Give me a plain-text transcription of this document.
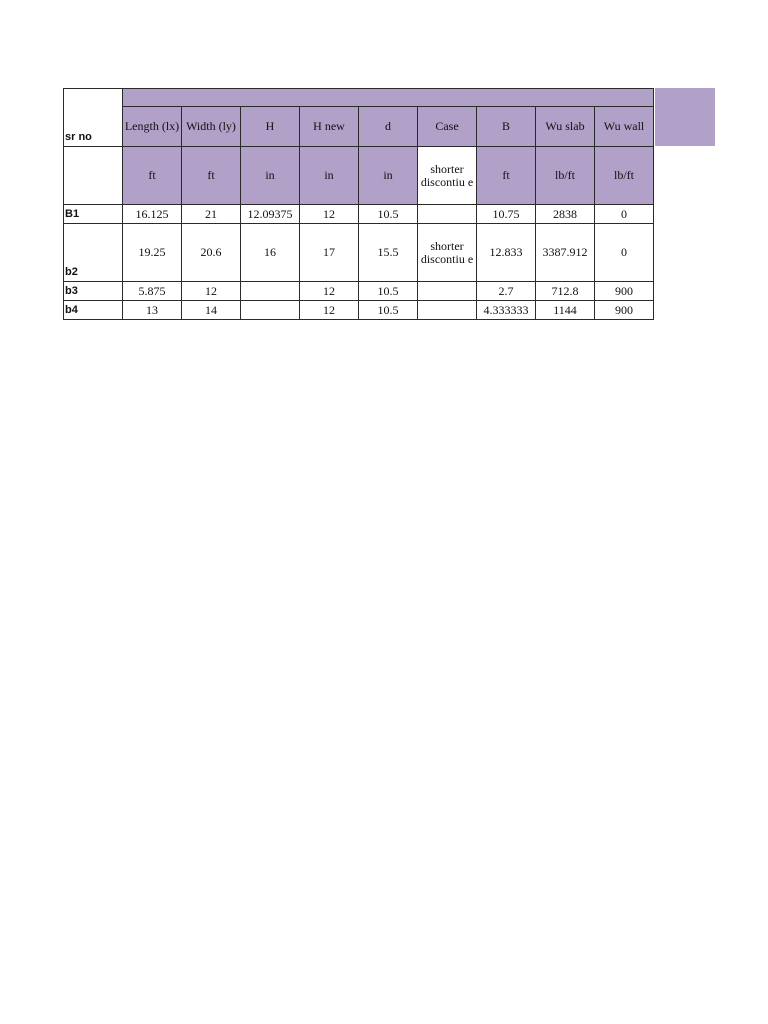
sr no	Length (lx)	Width (ly)	H	H new	d	Case	B	Wu slab	Wu wall
	ft	ft	in	in	in	shorter discontiu e	ft	lb/ft	lb/ft
B1	16.125	21	12.09375	12	10.5		10.75	2838	0
b2	19.25	20.6	16	17	15.5	shorter discontiu e	12.833	3387.912	0
b3	5.875	12		12	10.5		2.7	712.8	900
b4	13	14		12	10.5		4.333333	1144	900
